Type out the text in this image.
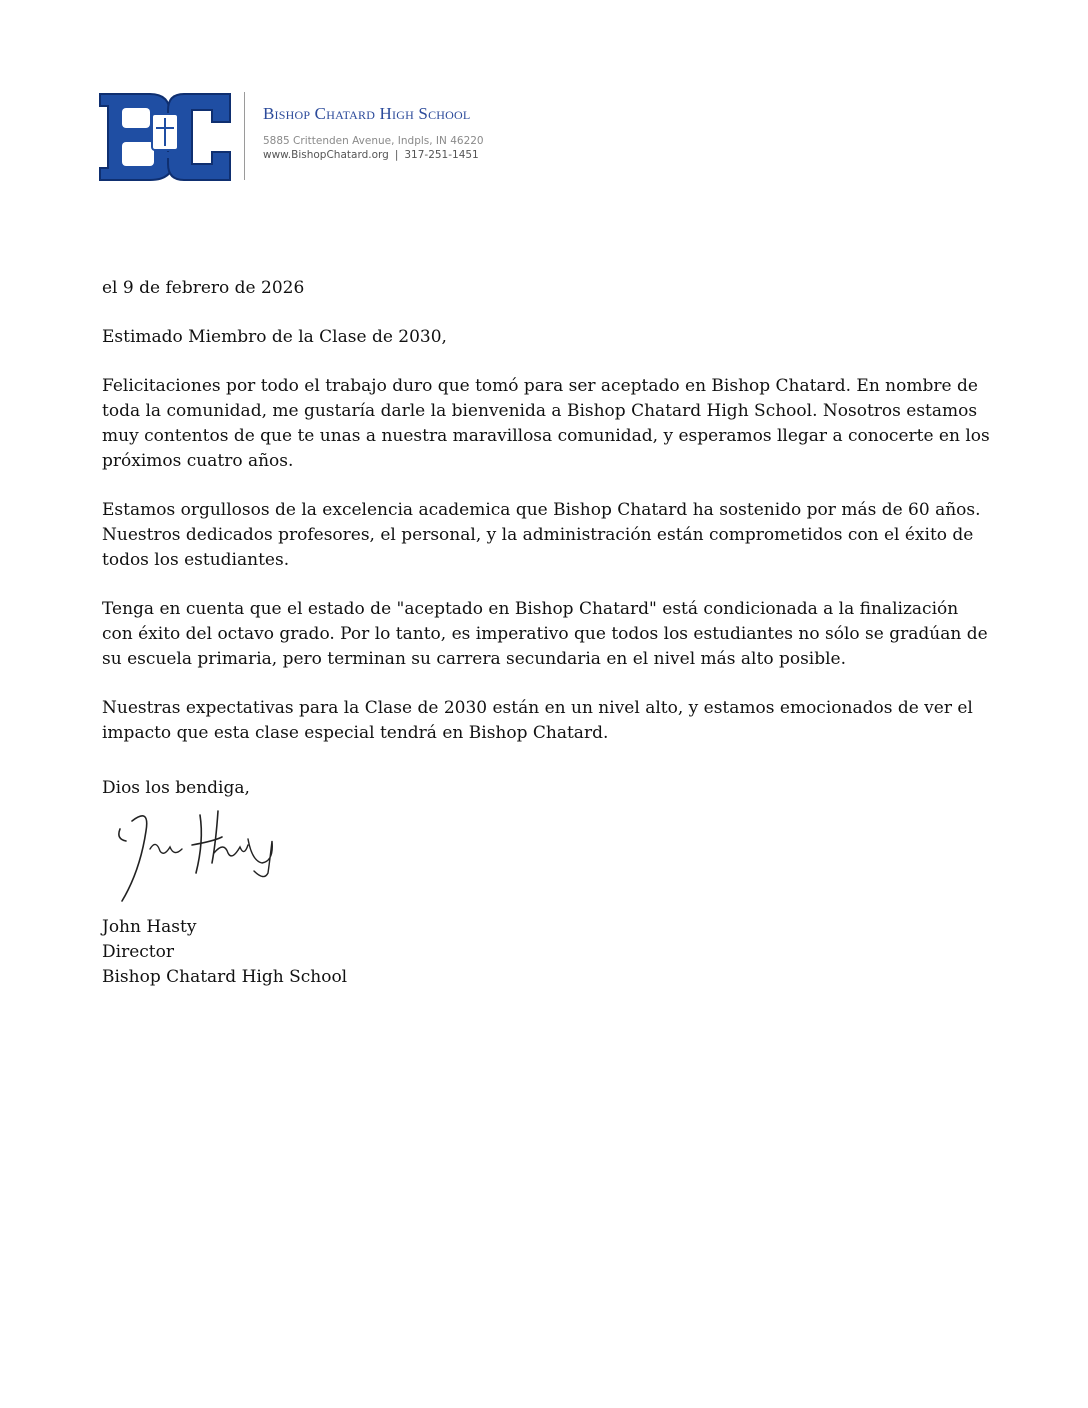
Bishop Chatard High School
5885 Crittenden Avenue, Indpls, IN 46220
www.BishopChatard.org | 317-251-1451

el 9 de febrero de 2026

Estimado Miembro de la Clase de 2030,

Felicitaciones por todo el trabajo duro que tomó para ser aceptado en Bishop Chatard. En nombre de toda la comunidad, me gustaría darle la bienvenida a Bishop Chatard High School. Nosotros estamos muy contentos de que te unas a nuestra maravillosa comunidad, y esperamos llegar a conocerte en los próximos cuatro años.

Estamos orgullosos de la excelencia academica que Bishop Chatard ha sostenido por más de 60 años. Nuestros dedicados profesores, el personal, y la administración están comprometidos con el éxito de todos los estudiantes.

Tenga en cuenta que el estado de "aceptado en Bishop Chatard" está condicionada a la finalización con éxito del octavo grado. Por lo tanto, es imperativo que todos los estudiantes no sólo se gradúan de su escuela primaria, pero terminan su carrera secundaria en el nivel más alto posible.

Nuestras expectativas para la Clase de 2030 están en un nivel alto, y estamos emocionados de ver el impacto que esta clase especial tendrá en Bishop Chatard.

Dios los bendiga,
John Hasty
Director
Bishop Chatard High School
